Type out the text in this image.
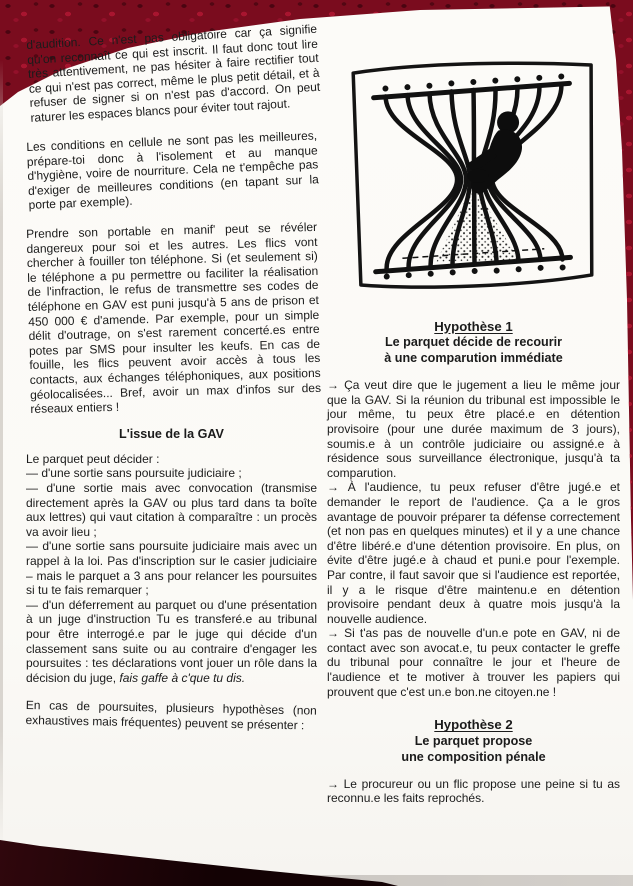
d'audition. Ce n'est pas obligatoire car ça signifie qu'on reconnaît ce qui est inscrit. Il faut donc tout lire très attentivement, ne pas hésiter à faire rectifier tout ce qui n'est pas correct, même le plus petit détail, et à refuser de signer si on n'est pas d'accord. On peut raturer les espaces blancs pour éviter tout rajout.

Les conditions en cellule ne sont pas les meilleures, prépare-toi donc à l'isolement et au manque d'hygiène, voire de nourriture. Cela ne t'empêche pas d'exiger de meilleures conditions (en tapant sur la porte par exemple).

Prendre son portable en manif' peut se révéler dangereux pour soi et les autres. Les flics vont chercher à fouiller ton téléphone. Si (et seulement si) le téléphone a pu permettre ou faciliter la réalisation de l'infraction, le refus de transmettre ses codes de téléphone en GAV est puni jusqu'à 5 ans de prison et 450 000 € d'amende. Par exemple, pour un simple délit d'outrage, on s'est rarement concerté.es entre potes par SMS pour insulter les keufs. En cas de fouille, les flics peuvent avoir accès à tous les contacts, aux échanges téléphoniques, aux positions géolocalisées... Bref, avoir un max d'infos sur des réseaux entiers !

L'issue de la GAV

Le parquet peut décider :

— d'une sortie sans poursuite judiciaire ;

— d'une sortie mais avec convocation (transmise directement après la GAV ou plus tard dans ta boîte aux lettres) qui vaut citation à comparaître : un procès va avoir lieu ;

— d'une sortie sans poursuite judiciaire mais avec un rappel à la loi. Pas d'inscription sur le casier judiciaire – mais le parquet a 3 ans pour relancer les poursuites si tu te fais remarquer ;

— d'un déferrement au parquet ou d'une présentation à un juge d'instruction Tu es transferé.e au tribunal pour être interrogé.e par le juge qui décide d'un classement sans suite ou au contraire d'engager les poursuites : tes déclarations vont jouer un rôle dans la décision du juge, fais gaffe à c'que tu dis.

En cas de poursuites, plusieurs hypothèses (non exhaustives mais fréquentes) peuvent se présenter :

Hypothèse 1
Le parquet décide de recourir
à une comparution immédiate

→ Ça veut dire que le jugement a lieu le même jour que la GAV. Si la réunion du tribunal est impossible le jour même, tu peux être placé.e en détention provisoire (pour une durée maximum de 3 jours), soumis.e à un contrôle judiciaire ou assigné.e à résidence sous surveillance électronique, jusqu'à ta comparution.

→ À l'audience, tu peux refuser d'être jugé.e et demander le report de l'audience. Ça a le gros avantage de pouvoir préparer ta défense correctement (et non pas en quelques minutes) et il y a une chance d'être libéré.e d'une détention provisoire. En plus, on évite d'être jugé.e à chaud et puni.e pour l'exemple. Par contre, il faut savoir que si l'audience est reportée, il y a le risque d'être maintenu.e en détention provisoire pendant deux à quatre mois jusqu'à la nouvelle audience.

→ Si t'as pas de nouvelle d'un.e pote en GAV, ni de contact avec son avocat.e, tu peux contacter le greffe du tribunal pour connaître le jour et l'heure de l'audience et te motiver à trouver les papiers qui prouvent que c'est un.e bon.ne citoyen.ne !

Hypothèse 2
Le parquet propose
une composition pénale

→ Le procureur ou un flic propose une peine si tu as reconnu.e les faits reprochés.
